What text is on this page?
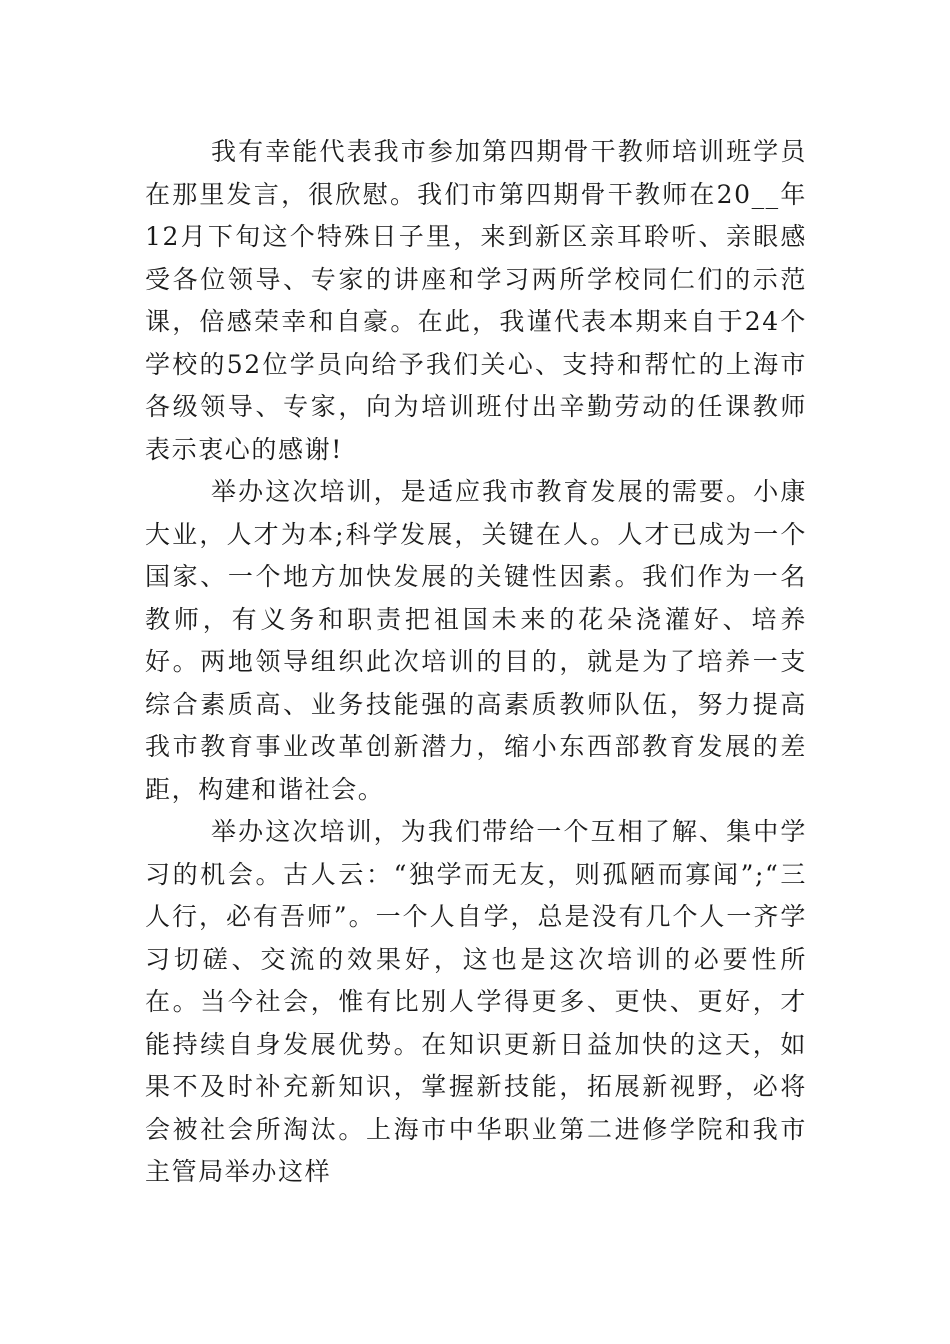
我有幸能代表我市参加第四期骨干教师培训班学员在那里发言，很欣慰。我们市第四期骨干教师在20__年12月下旬这个特殊日子里，来到新区亲耳聆听、亲眼感受各位领导、专家的讲座和学习两所学校同仁们的示范课，倍感荣幸和自豪。在此，我谨代表本期来自于24个学校的52位学员向给予我们关心、支持和帮忙的上海市各级领导、专家，向为培训班付出辛勤劳动的任课教师表示衷心的感谢!

举办这次培训，是适应我市教育发展的需要。小康大业，人才为本;科学发展，关键在人。人才已成为一个国家、一个地方加快发展的关键性因素。我们作为一名教师，有义务和职责把祖国未来的花朵浇灌好、培养好。两地领导组织此次培训的目的，就是为了培养一支综合素质高、业务技能强的高素质教师队伍，努力提高我市教育事业改革创新潜力，缩小东西部教育发展的差距，构建和谐社会。

举办这次培训，为我们带给一个互相了解、集中学习的机会。古人云：“独学而无友，则孤陋而寡闻”;“三人行，必有吾师”。一个人自学，总是没有几个人一齐学习切磋、交流的效果好，这也是这次培训的必要性所在。当今社会，惟有比别人学得更多、更快、更好，才能持续自身发展优势。在知识更新日益加快的这天，如果不及时补充新知识，掌握新技能，拓展新视野，必将会被社会所淘汰。上海市中华职业第二进修学院和我市主管局举办这样
